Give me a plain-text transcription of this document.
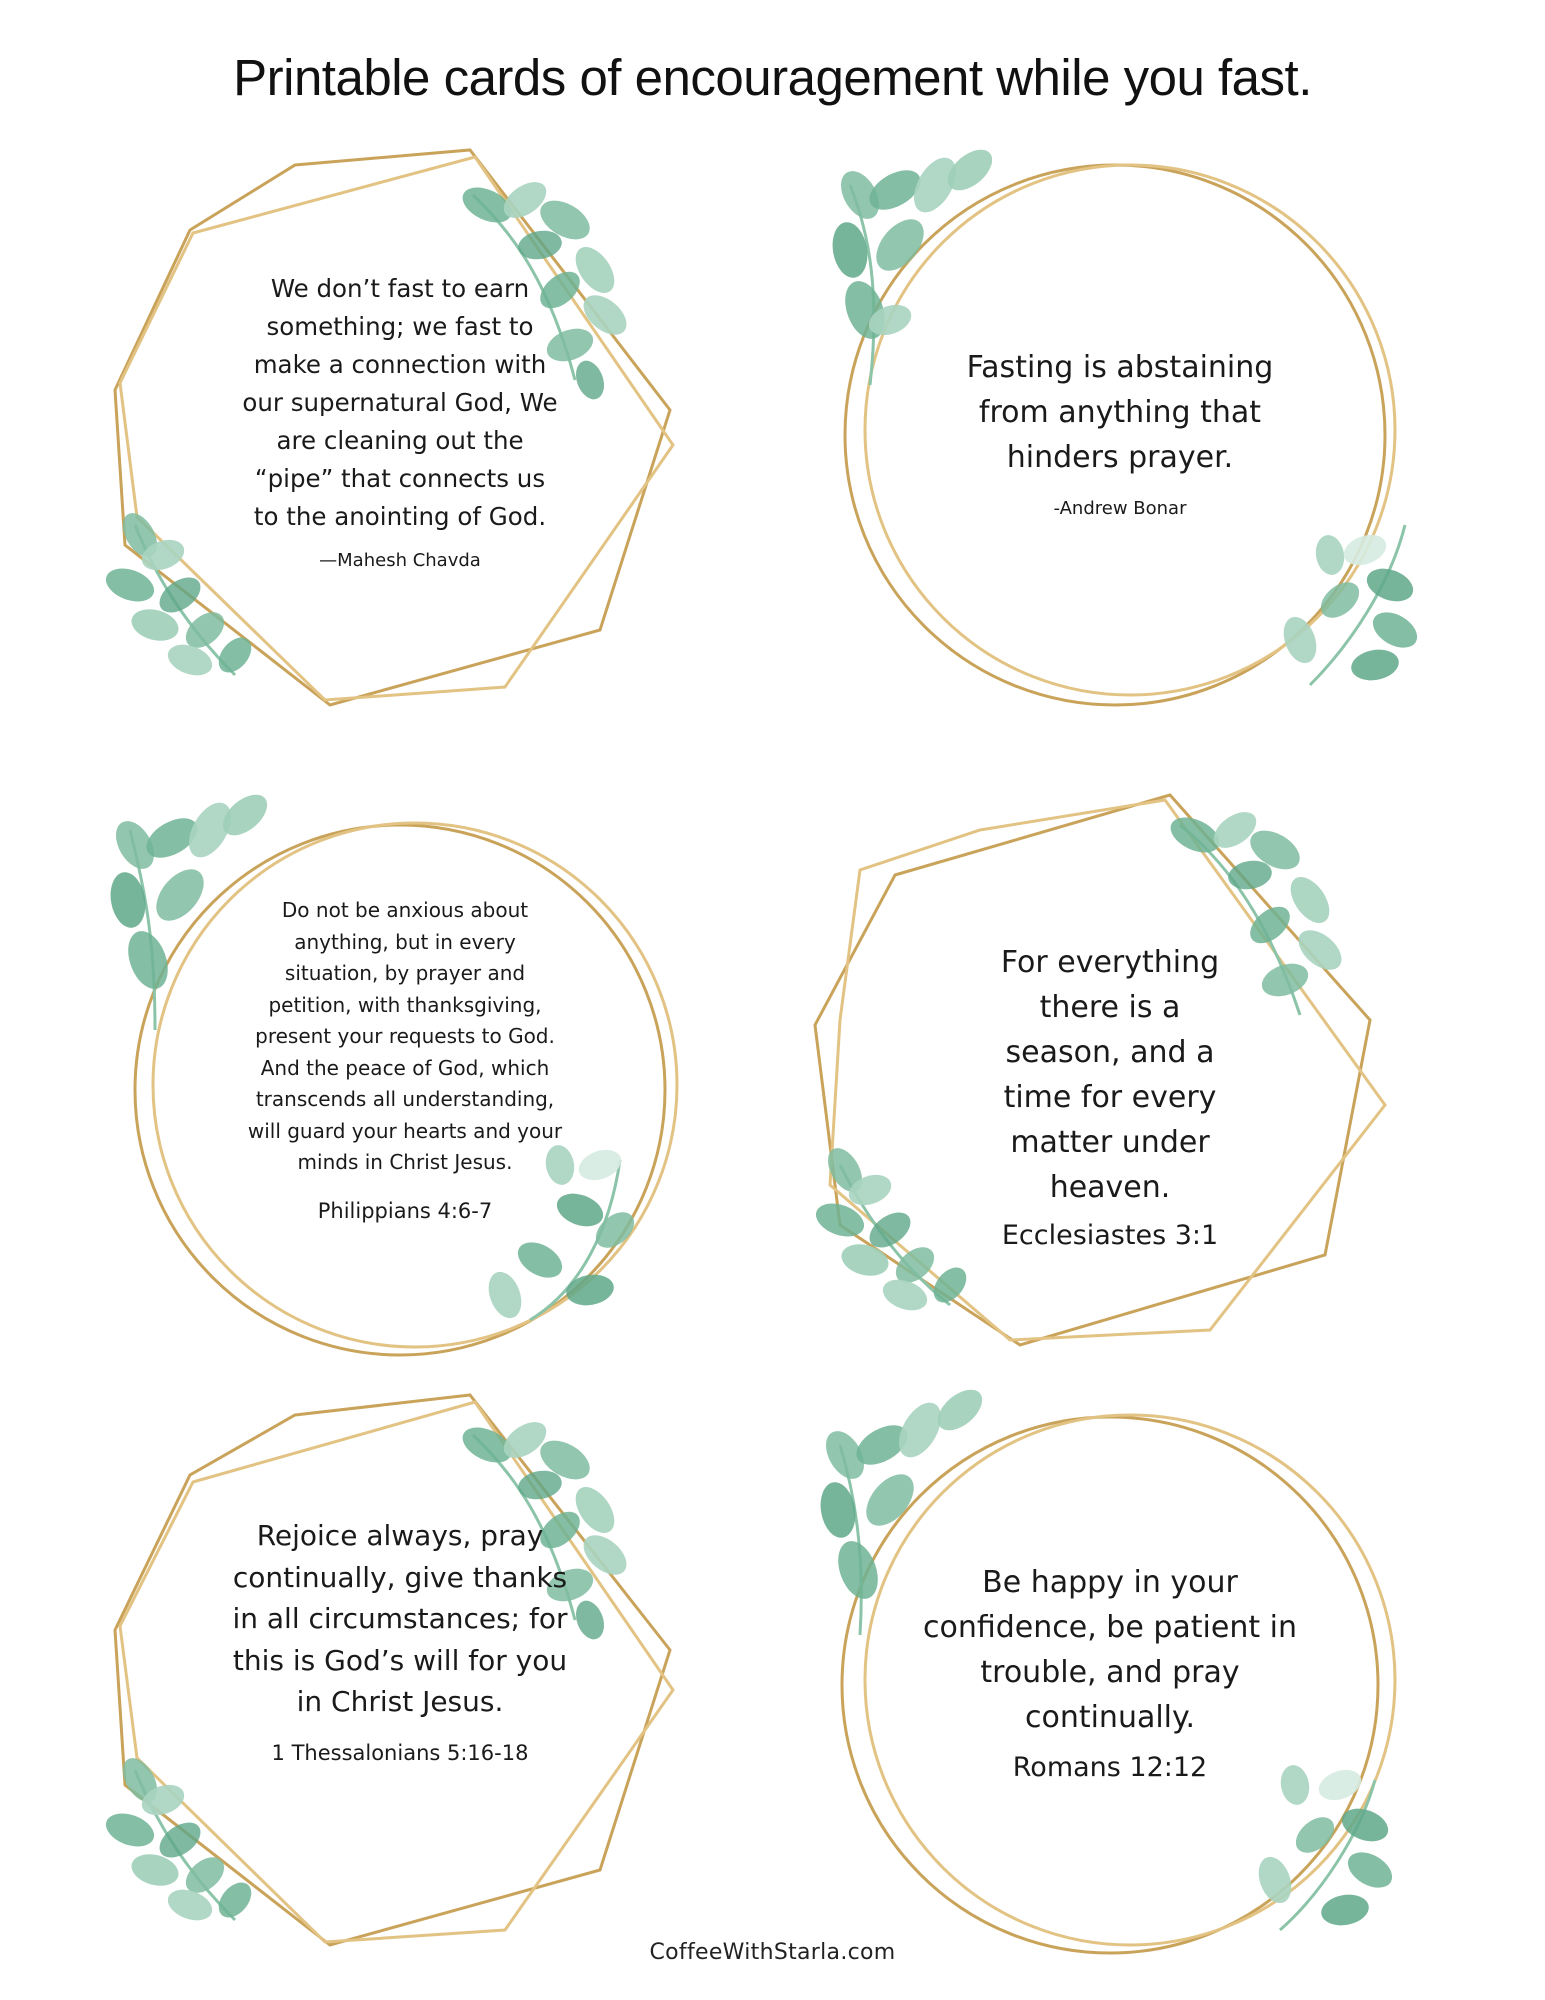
Printable cards of encouragement while you fast.
We don’t fast to earn something; we fast to make a connection with our supernatural God, We are cleaning out the “pipe” that connects us to the anointing of God.
—Mahesh Chavda
Fasting is abstaining from anything that hinders prayer.
-Andrew Bonar
Do not be anxious about anything, but in every situation, by prayer and petition, with thanksgiving, present your requests to God. And the peace of God, which transcends all understanding, will guard your hearts and your minds in Christ Jesus.
Philippians 4:6-7
For everything there is a season, and a time for every matter under heaven.
Ecclesiastes 3:1
Rejoice always, pray continually, give thanks in all circumstances; for this is God’s will for you in Christ Jesus.
1 Thessalonians 5:16-18
Be happy in your confidence, be patient in trouble, and pray continually.
Romans 12:12
CoffeeWithStarla.com
